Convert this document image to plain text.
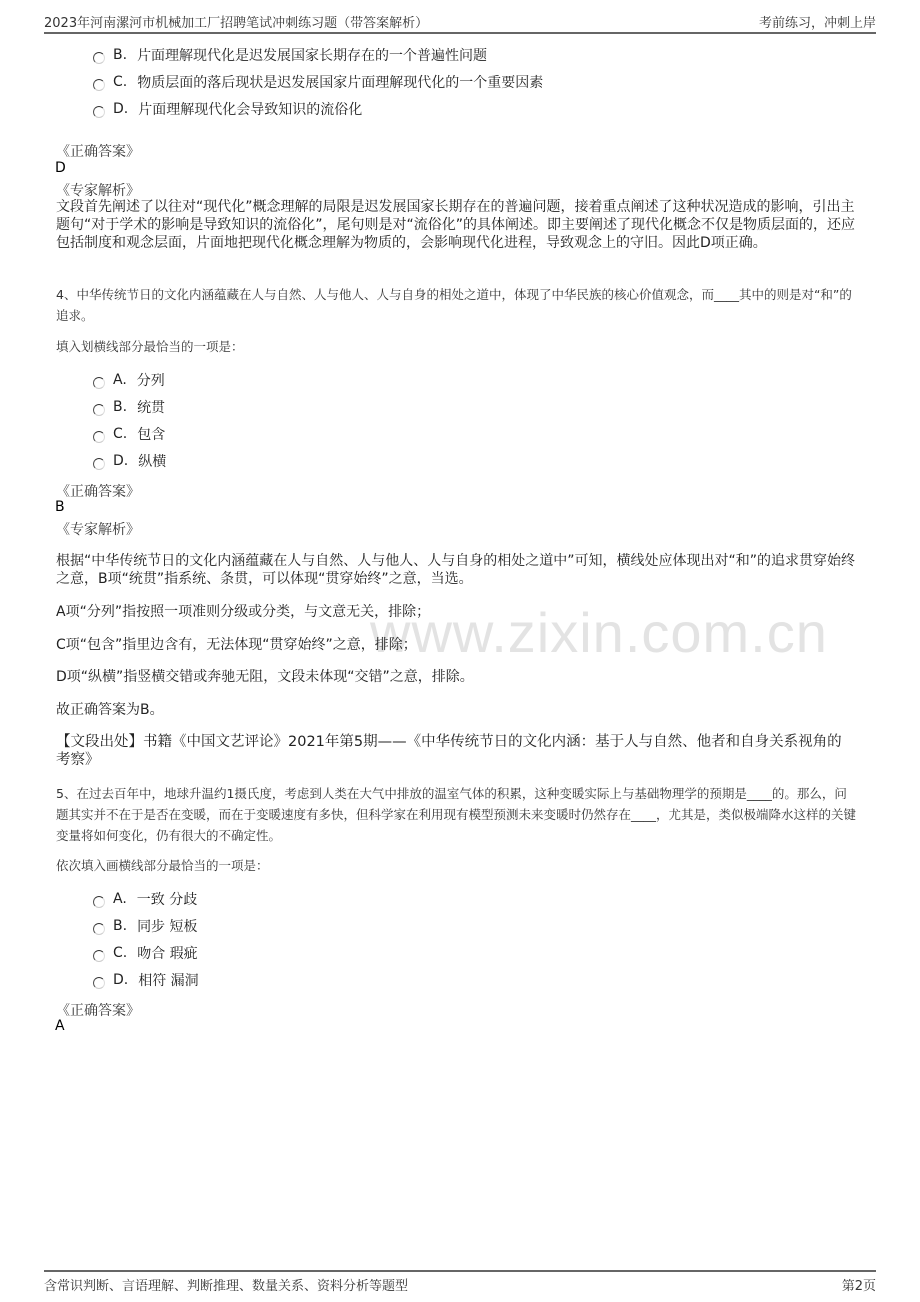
2023年河南漯河市机械加工厂招聘笔试冲刺练习题（带答案解析）	考前练习，冲刺上岸
www.zixin.com.cn
B. 片面理解现代化是迟发展国家长期存在的一个普遍性问题
C. 物质层面的落后现状是迟发展国家片面理解现代化的一个重要因素
D. 片面理解现代化会导致知识的流俗化
《正确答案》
D
《专家解析》
文段首先阐述了以往对“现代化”概念理解的局限是迟发展国家长期存在的普遍问题，接着重点阐述了这种状况造成的影响，引出主题句“对于学术的影响是导致知识的流俗化”，尾句则是对“流俗化”的具体阐述。即主要阐述了现代化概念不仅是物质层面的，还应包括制度和观念层面，片面地把现代化概念理解为物质的，会影响现代化进程，导致观念上的守旧。因此D项正确。
4、中华传统节日的文化内涵蕴藏在人与自然、人与他人、人与自身的相处之道中，体现了中华民族的核心价值观念，而____其中的则是对“和”的追求。
填入划横线部分最恰当的一项是：
A. 分列
B. 统贯
C. 包含
D. 纵横
《正确答案》
B
《专家解析》
根据“中华传统节日的文化内涵蕴藏在人与自然、人与他人、人与自身的相处之道中”可知，横线处应体现出对“和”的追求贯穿始终之意，B项“统贯”指系统、条贯，可以体现“贯穿始终”之意，当选。
A项“分列”指按照一项准则分级或分类，与文意无关，排除；
C项“包含”指里边含有，无法体现“贯穿始终”之意，排除；
D项“纵横”指竖横交错或奔驰无阻，文段未体现“交错”之意，排除。
故正确答案为B。
【文段出处】书籍《中国文艺评论》2021年第5期——《中华传统节日的文化内涵：基于人与自然、他者和自身关系视角的考察》
5、在过去百年中，地球升温约1摄氏度，考虑到人类在大气中排放的温室气体的积累，这种变暖实际上与基础物理学的预期是____的。那么，问题其实并不在于是否在变暖，而在于变暖速度有多快，但科学家在利用现有模型预测未来变暖时仍然存在____，尤其是，类似极端降水这样的关键变量将如何变化，仍有很大的不确定性。
依次填入画横线部分最恰当的一项是：
A. 一致 分歧
B. 同步 短板
C. 吻合 瑕疵
D. 相符 漏洞
《正确答案》
A
含常识判断、言语理解、判断推理、数量关系、资料分析等题型	第2页
